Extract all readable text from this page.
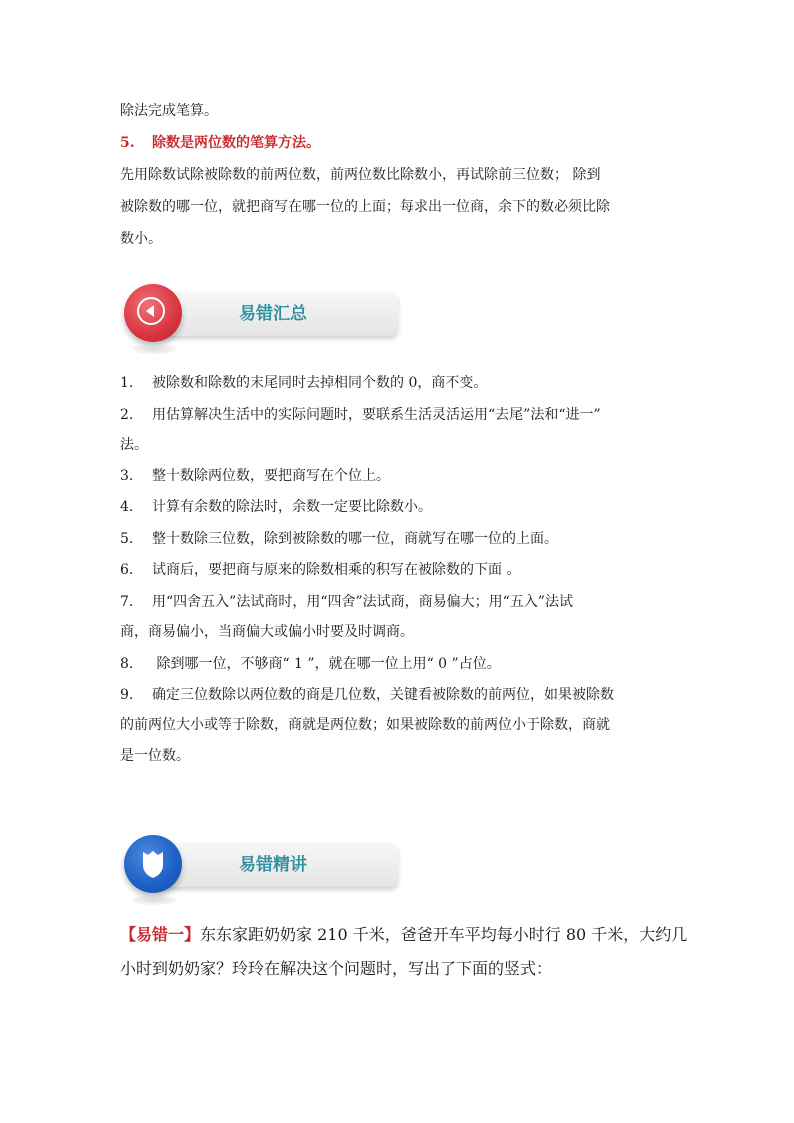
除法完成笔算。
5. 除数是两位数的笔算方法。
先用除数试除被除数的前两位数，前两位数比除数小，再试除前三位数； 除到
被除数的哪一位，就把商写在哪一位的上面；每求出一位商，余下的数必须比除
数小。
易错汇总
1. 被除数和除数的末尾同时去掉相同个数的 0，商不变。
2. 用估算解决生活中的实际问题时，要联系生活灵活运用“去尾”法和“进一”
法。
3. 整十数除两位数，要把商写在个位上。
4. 计算有余数的除法时，余数一定要比除数小。
5. 整十数除三位数，除到被除数的哪一位，商就写在哪一位的上面。
6. 试商后，要把商与原来的除数相乘的积写在被除数的下面 。
7. 用“四舍五入”法试商时，用“四舍”法试商，商易偏大；用“五入”法试
商，商易偏小，当商偏大或偏小时要及时调商。
8. 除到哪一位，不够商“ 1 ”，就在哪一位上用“ 0 ”占位。
9. 确定三位数除以两位数的商是几位数，关键看被除数的前两位，如果被除数
的前两位大小或等于除数，商就是两位数；如果被除数的前两位小于除数，商就
是一位数。
易错精讲
【易错一】东东家距奶奶家 210 千米，爸爸开车平均每小时行 80 千米，大约几
小时到奶奶家？玲玲在解决这个问题时，写出了下面的竖式：
